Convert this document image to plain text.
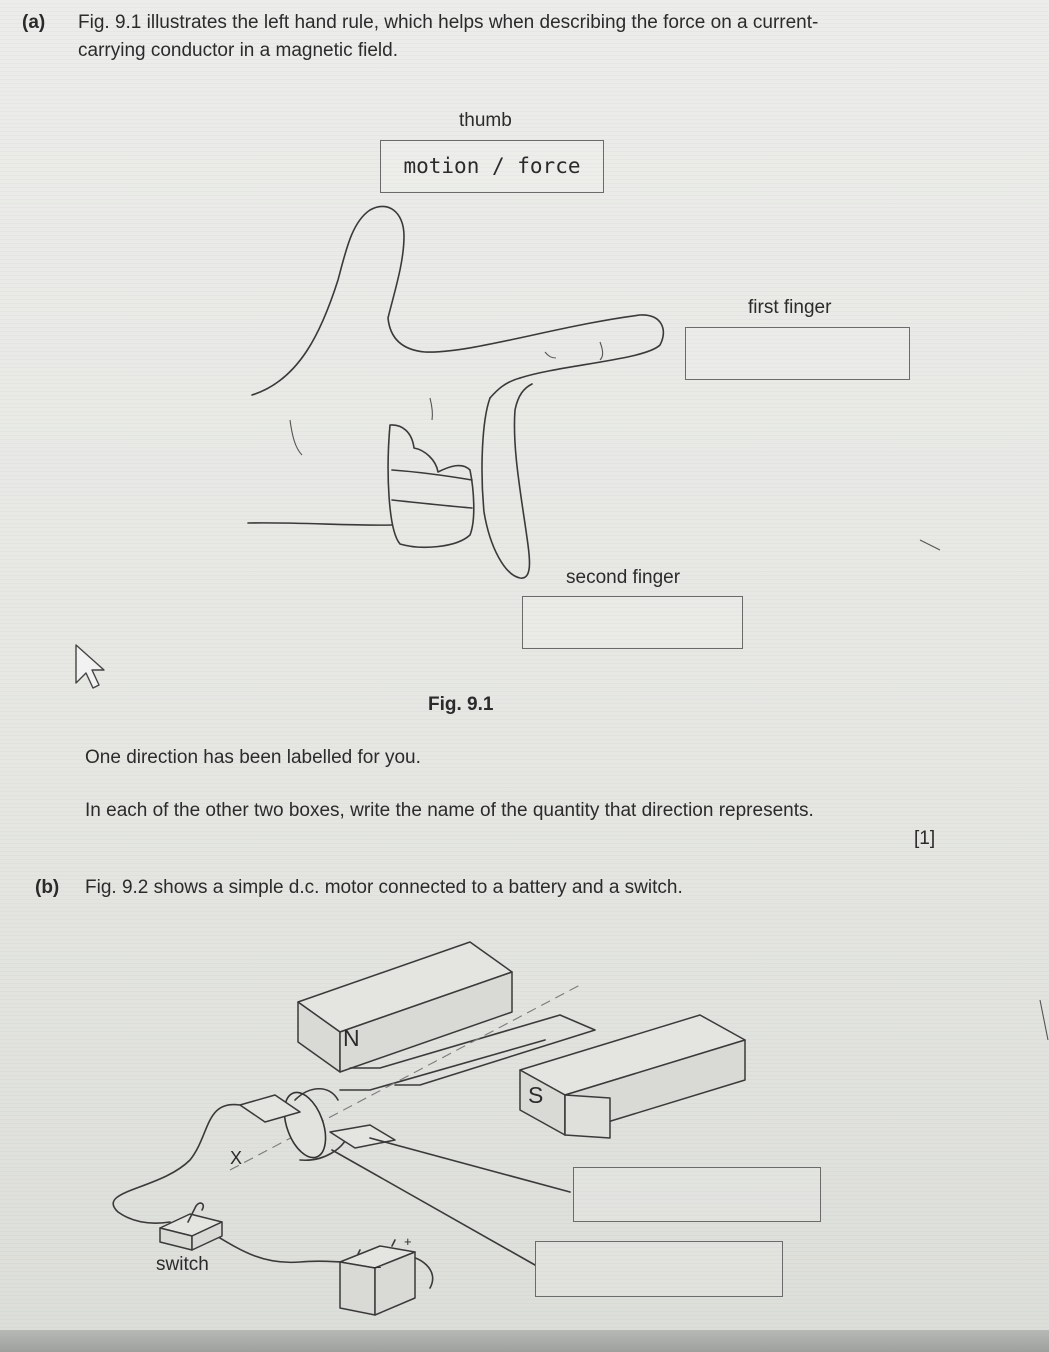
(a) Fig. 9.1 illustrates the left hand rule, which helps when describing the force on a current-
carrying conductor in a magnetic field.
thumb
motion / force
first finger
second finger
Fig. 9.1
One direction has been labelled for you.
In each of the other two boxes, write the name of the quantity that direction represents.
[1]
(b) Fig. 9.2 shows a simple d.c. motor connected to a battery and a switch.
N
S
X
switch	–
+
